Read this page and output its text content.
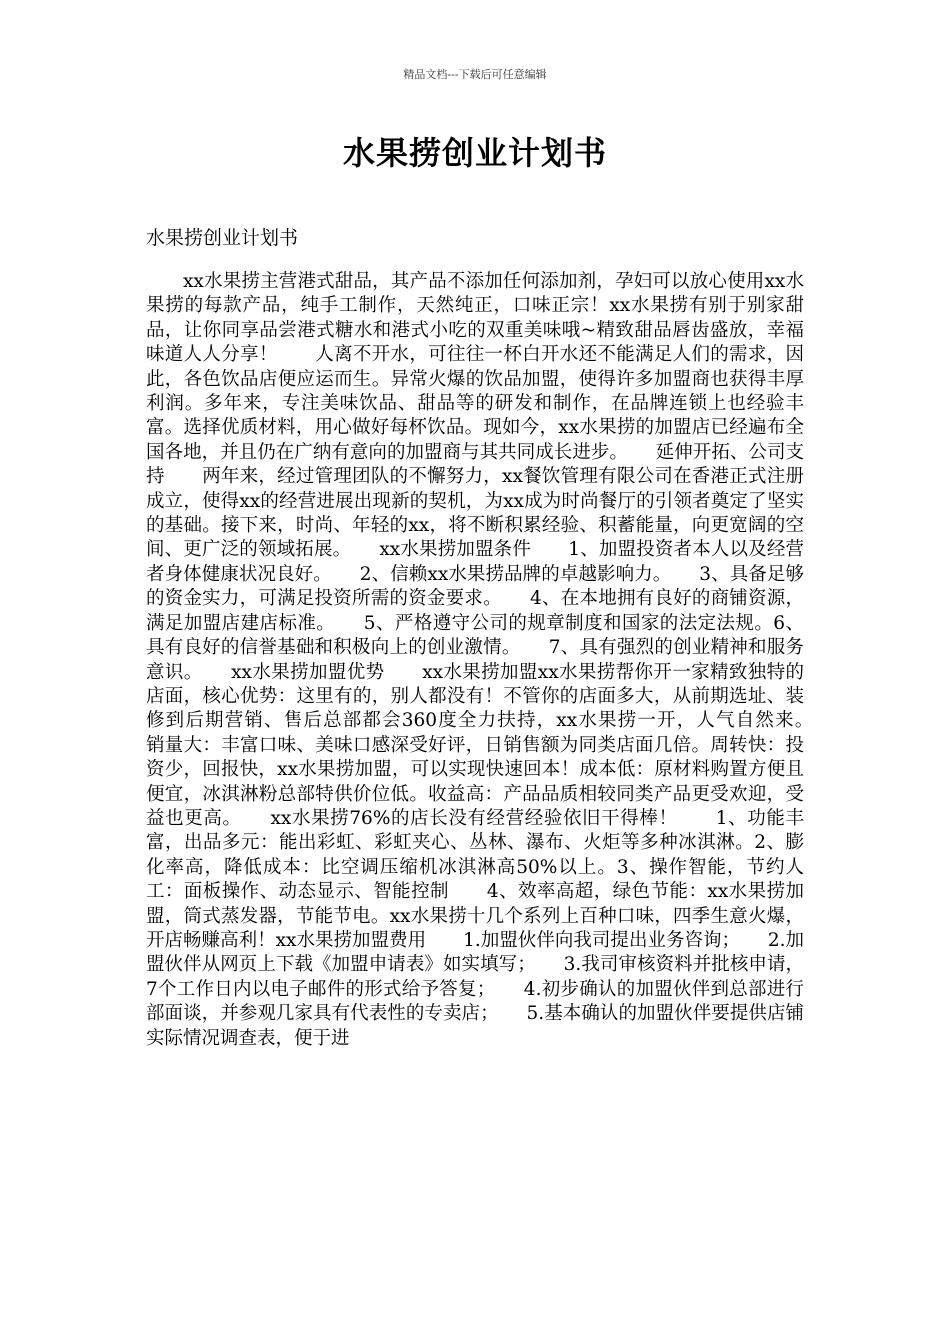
精品文档---下载后可任意编辑
水果捞创业计划书

水果捞创业计划书

xx水果捞主营港式甜品，其产品不添加任何添加剂，孕妇可以放心使用xx水果捞的每款产品，纯手工制作，天然纯正，口味正宗！xx水果捞有别于别家甜品，让你同享品尝港式糖水和港式小吃的双重美味哦~精致甜品唇齿盛放，幸福味道人人分享！　　人离不开水，可往往一杯白开水还不能满足人们的需求，因此，各色饮品店便应运而生。异常火爆的饮品加盟，使得许多加盟商也获得丰厚利润。多年来，专注美味饮品、甜品等的研发和制作，在品牌连锁上也经验丰富。选择优质材料，用心做好每杯饮品。现如今，xx水果捞的加盟店已经遍布全国各地，并且仍在广纳有意向的加盟商与其共同成长进步。　　延伸开拓、公司支持　　两年来，经过管理团队的不懈努力，xx餐饮管理有限公司在香港正式注册成立，使得xx的经营进展出现新的契机，为xx成为时尚餐厅的引领者奠定了坚实的基础。接下来，时尚、年轻的xx，将不断积累经验、积蓄能量，向更宽阔的空间、更广泛的领域拓展。　　xx水果捞加盟条件　　1、加盟投资者本人以及经营者身体健康状况良好。　　2、信赖xx水果捞品牌的卓越影响力。　　3、具备足够的资金实力，可满足投资所需的资金要求。　　4、在本地拥有良好的商铺资源，满足加盟店建店标准。　　5、严格遵守公司的规章制度和国家的法定法规。6、具有良好的信誉基础和积极向上的创业激情。　　7、具有强烈的创业精神和服务意识。　　xx水果捞加盟优势　　xx水果捞加盟xx水果捞帮你开一家精致独特的店面，核心优势：这里有的，别人都没有！不管你的店面多大，从前期选址、装修到后期营销、售后总部都会360度全力扶持，xx水果捞一开，人气自然来。　　销量大：丰富口味、美味口感深受好评，日销售额为同类店面几倍。周转快：投资少，回报快，xx水果捞加盟，可以实现快速回本！成本低：原材料购置方便且便宜，冰淇淋粉总部特供价位低。收益高：产品品质相较同类产品更受欢迎，受益也更高。　　xx水果捞76%的店长没有经营经验依旧干得棒！　　1、功能丰富，出品多元：能出彩虹、彩虹夹心、丛林、瀑布、火炬等多种冰淇淋。2、膨化率高，降低成本：比空调压缩机冰淇淋高50%以上。3、操作智能，节约人工：面板操作、动态显示、智能控制　　4、效率高超，绿色节能：xx水果捞加盟，筒式蒸发器，节能节电。xx水果捞十几个系列上百种口味，四季生意火爆，开店畅赚高利！xx水果捞加盟费用　　1.加盟伙伴向我司提出业务咨询；　　2.加盟伙伴从网页上下载《加盟申请表》如实填写；　　3.我司审核资料并批核申请，7个工作日内以电子邮件的形式给予答复；　　4.初步确认的加盟伙伴到总部进行部面谈，并参观几家具有代表性的专卖店；　　5.基本确认的加盟伙伴要提供店铺实际情况调查表，便于进
